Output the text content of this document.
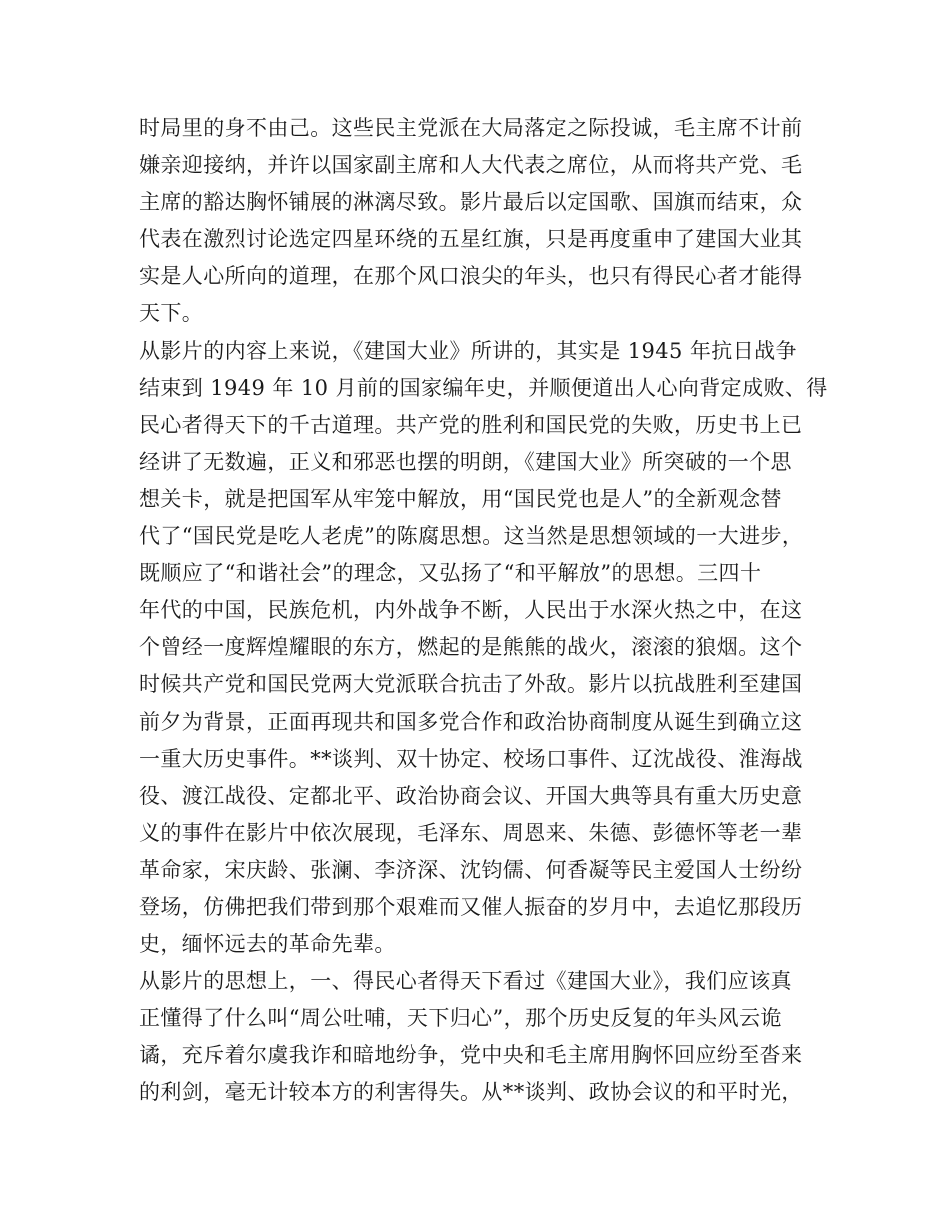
时局里的身不由己。这些民主党派在大局落定之际投诚，毛主席不计前
嫌亲迎接纳，并许以国家副主席和人大代表之席位，从而将共产党、毛
主席的豁达胸怀铺展的淋漓尽致。影片最后以定国歌、国旗而结束，众
代表在激烈讨论选定四星环绕的五星红旗，只是再度重申了建国大业其
实是人心所向的道理，在那个风口浪尖的年头，也只有得民心者才能得
天下。
从影片的内容上来说，《建国大业》所讲的，其实是 1945 年抗日战争
结束到 1949 年 10 月前的国家编年史，并顺便道出人心向背定成败、得
民心者得天下的千古道理。共产党的胜利和国民党的失败，历史书上已
经讲了无数遍，正义和邪恶也摆的明朗，《建国大业》所突破的一个思
想关卡，就是把国军从牢笼中解放，用“国民党也是人”的全新观念替
代了“国民党是吃人老虎”的陈腐思想。这当然是思想领域的一大进步，
既顺应了“和谐社会”的理念，又弘扬了“和平解放”的思想。三四十
年代的中国，民族危机，内外战争不断，人民出于水深火热之中，在这
个曾经一度辉煌耀眼的东方，燃起的是熊熊的战火，滚滚的狼烟。这个
时候共产党和国民党两大党派联合抗击了外敌。影片以抗战胜利至建国
前夕为背景，正面再现共和国多党合作和政治协商制度从诞生到确立这
一重大历史事件。**谈判、双十协定、校场口事件、辽沈战役、淮海战
役、渡江战役、定都北平、政治协商会议、开国大典等具有重大历史意
义的事件在影片中依次展现，毛泽东、周恩来、朱德、彭德怀等老一辈
革命家，宋庆龄、张澜、李济深、沈钧儒、何香凝等民主爱国人士纷纷
登场，仿佛把我们带到那个艰难而又催人振奋的岁月中，去追忆那段历
史，缅怀远去的革命先辈。
从影片的思想上，一、得民心者得天下看过《建国大业》，我们应该真
正懂得了什么叫“周公吐哺，天下归心”，那个历史反复的年头风云诡
谲，充斥着尔虞我诈和暗地纷争，党中央和毛主席用胸怀回应纷至沓来
的利剑，毫无计较本方的利害得失。从**谈判、政协会议的和平时光，
